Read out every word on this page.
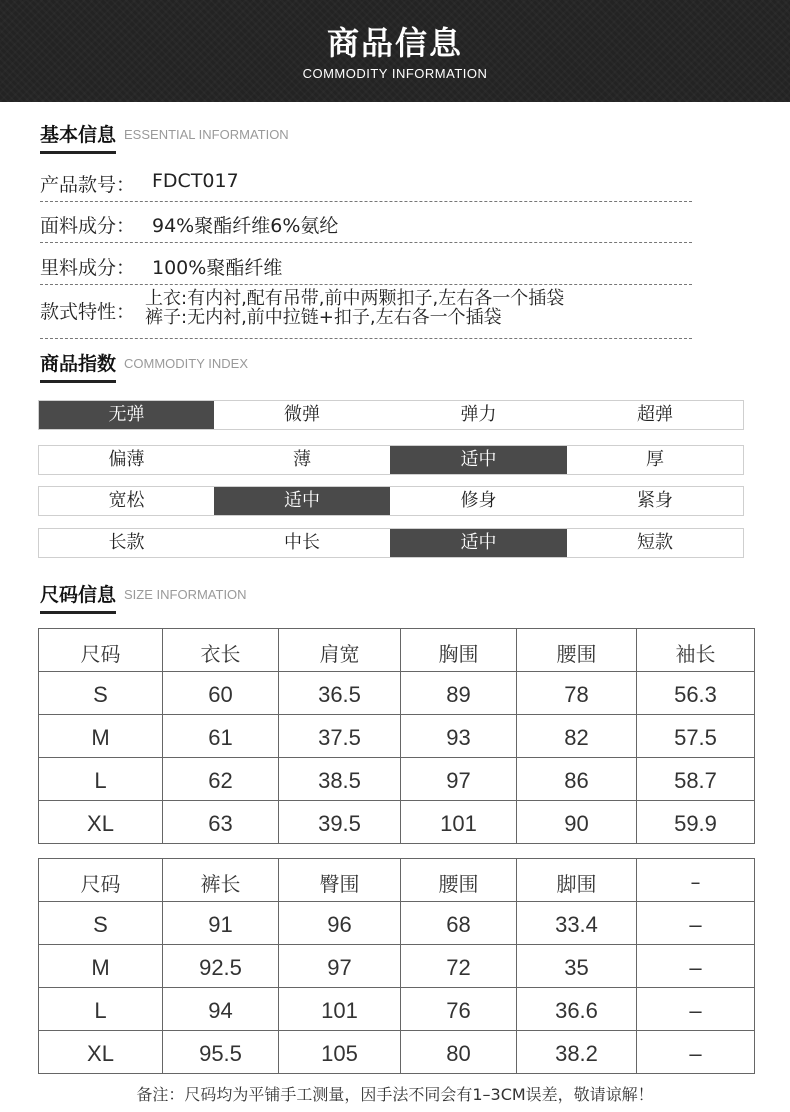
商品信息
COMMODITY INFORMATION
基本信息 ESSENTIAL INFORMATION
产品款号： FDCT017
面料成分： 94%聚酯纤维6%氨纶
里料成分： 100%聚酯纤维
款式特性：
上衣:有内衬,配有吊带,前中两颗扣子,左右各一个插袋
裤子:无内衬,前中拉链+扣子,左右各一个插袋
商品指数 COMMODITY INDEX
无弹	微弹	弹力	超弹
偏薄	薄	适中	厚
宽松	适中	修身	紧身
长款	中长	适中	短款
尺码信息 SIZE INFORMATION
尺码	衣长	肩宽	胸围	腰围	袖长
S	60	36.5	89	78	56.3
M	61	37.5	93	82	57.5
L	62	38.5	97	86	58.7
XL	63	39.5	101	90	59.9
尺码	裤长	臀围	腰围	脚围	–
S	91	96	68	33.4	–
M	92.5	97	72	35	–
L	94	101	76	36.6	–
XL	95.5	105	80	38.2	–
备注：尺码均为平铺手工测量，因手法不同会有1–3CM误差，敬请谅解！
